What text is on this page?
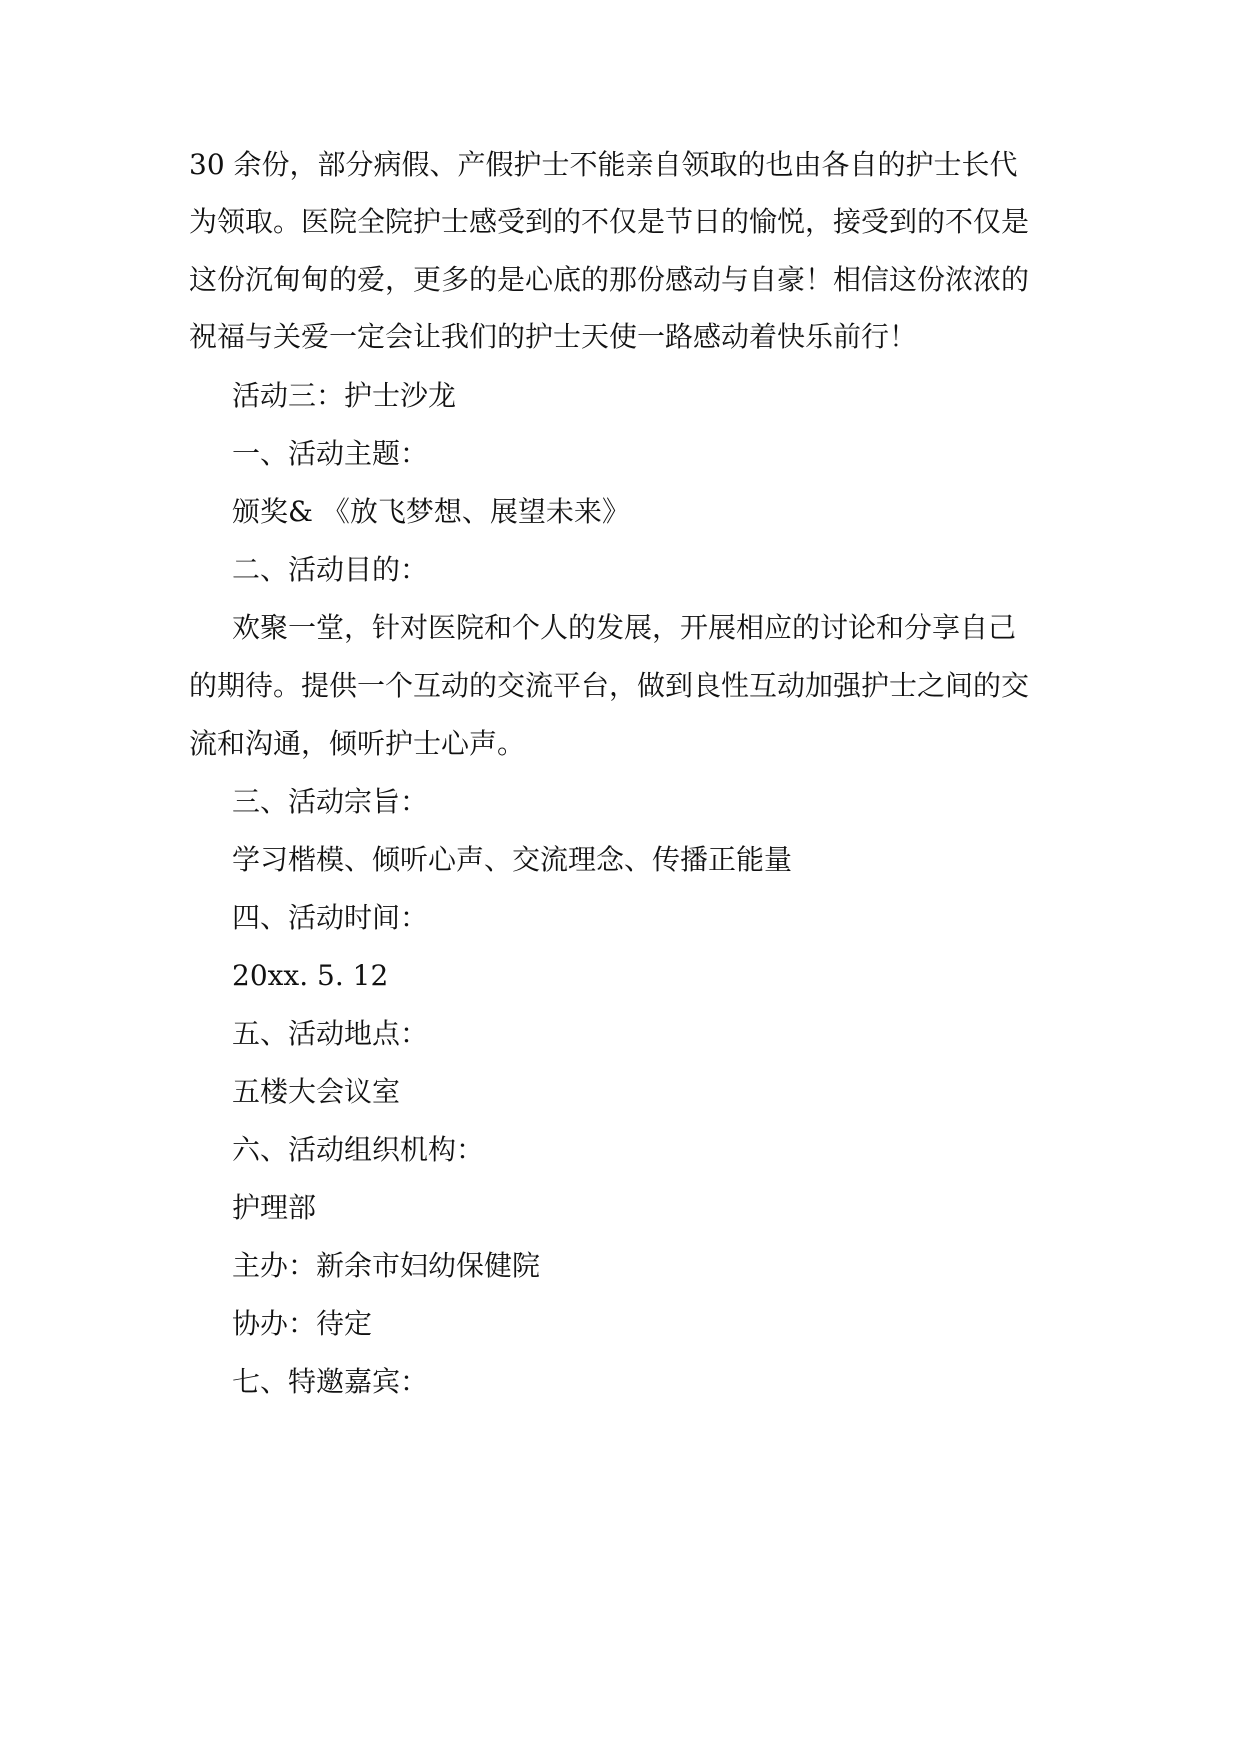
30 余份，部分病假、产假护士不能亲自领取的也由各自的护士长代
为领取。医院全院护士感受到的不仅是节日的愉悦，接受到的不仅是
这份沉甸甸的爱，更多的是心底的那份感动与自豪！相信这份浓浓的
祝福与关爱一定会让我们的护士天使一路感动着快乐前行！
活动三：护士沙龙
一、活动主题：
颁奖& 《放飞梦想、展望未来》
二、活动目的：
欢聚一堂，针对医院和个人的发展，开展相应的讨论和分享自己
的期待。提供一个互动的交流平台，做到良性互动加强护士之间的交
流和沟通，倾听护士心声。
三、活动宗旨：
学习楷模、倾听心声、交流理念、传播正能量
四、活动时间：
20xx. 5. 12
五、活动地点：
五楼大会议室
六、活动组织机构：
护理部
主办：新余市妇幼保健院
协办：待定
七、特邀嘉宾：
